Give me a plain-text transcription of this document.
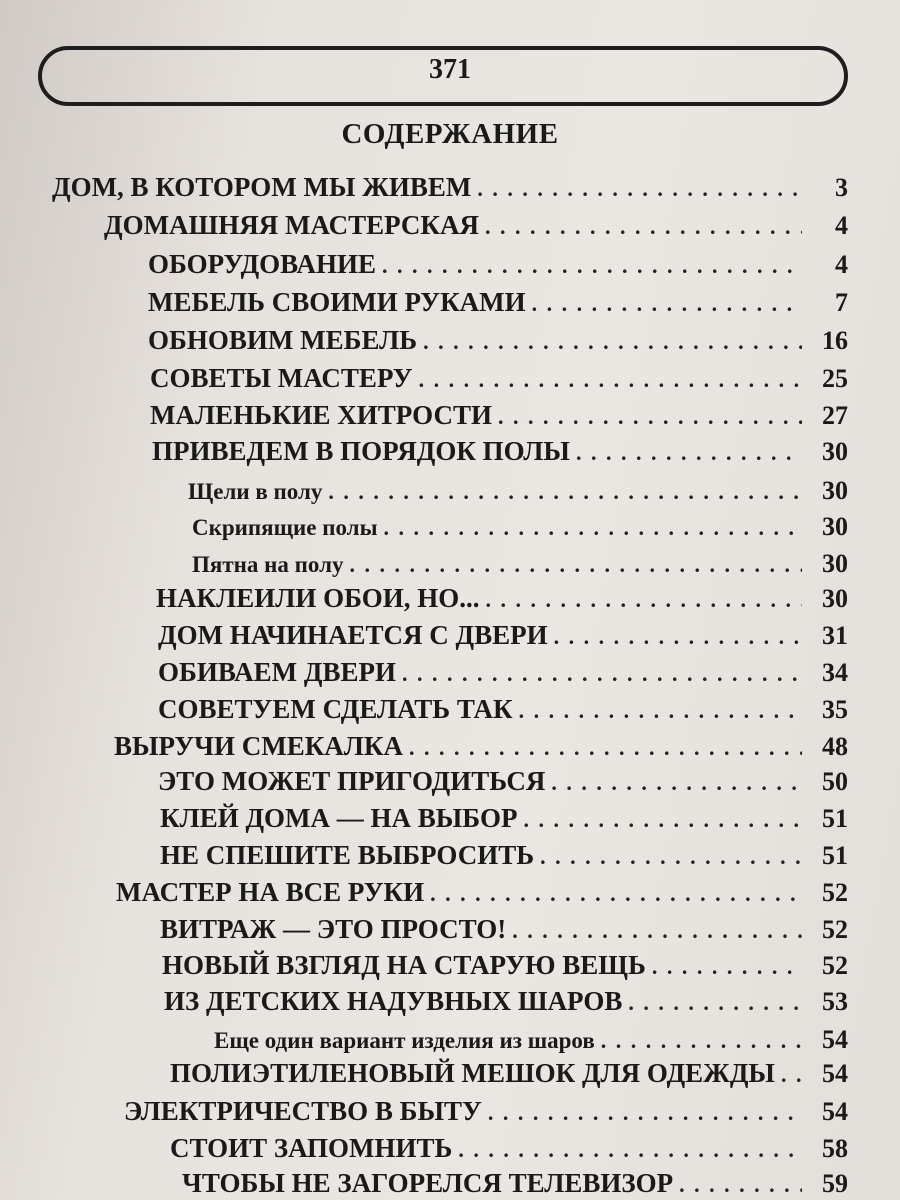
371
СОДЕРЖАНИЕ
ДОМ, В КОТОРОМ МЫ ЖИВЕМ . . .	3
ДОМАШНЯЯ МАСТЕРСКАЯ . . .	4
ОБОРУДОВАНИЕ . . .	4
МЕБЕЛЬ СВОИМИ РУКАМИ . . .	7
ОБНОВИМ МЕБЕЛЬ . . .	16
СОВЕТЫ МАСТЕРУ . . .	25
МАЛЕНЬКИЕ ХИТРОСТИ . . .	27
ПРИВЕДЕМ В ПОРЯДОК ПОЛЫ . . .	30
Щели в полу . . .	30
Скрипящие полы . . .	30
Пятна на полу . . .	30
НАКЛЕИЛИ ОБОИ, НО... . . .	30
ДОМ НАЧИНАЕТСЯ С ДВЕРИ . . .	31
ОБИВАЕМ ДВЕРИ . . .	34
СОВЕТУЕМ СДЕЛАТЬ ТАК . . .	35
ВЫРУЧИ СМЕКАЛКА . . .	48
ЭТО МОЖЕТ ПРИГОДИТЬСЯ . . .	50
КЛЕЙ ДОМА — НА ВЫБОР . . .	51
НЕ СПЕШИТЕ ВЫБРОСИТЬ . . .	51
МАСТЕР НА ВСЕ РУКИ . . .	52
ВИТРАЖ — ЭТО ПРОСТО! . . .	52
НОВЫЙ ВЗГЛЯД НА СТАРУЮ ВЕЩЬ . . .	52
ИЗ ДЕТСКИХ НАДУВНЫХ ШАРОВ . . .	53
Еще один вариант изделия из шаров . . .	54
ПОЛИЭТИЛЕНОВЫЙ МЕШОК ДЛЯ ОДЕЖДЫ . . .	54
ЭЛЕКТРИЧЕСТВО В БЫТУ . . .	54
СТОИТ ЗАПОМНИТЬ . . .	58
ЧТОБЫ НЕ ЗАГОРЕЛСЯ ТЕЛЕВИЗОР . . .	59
